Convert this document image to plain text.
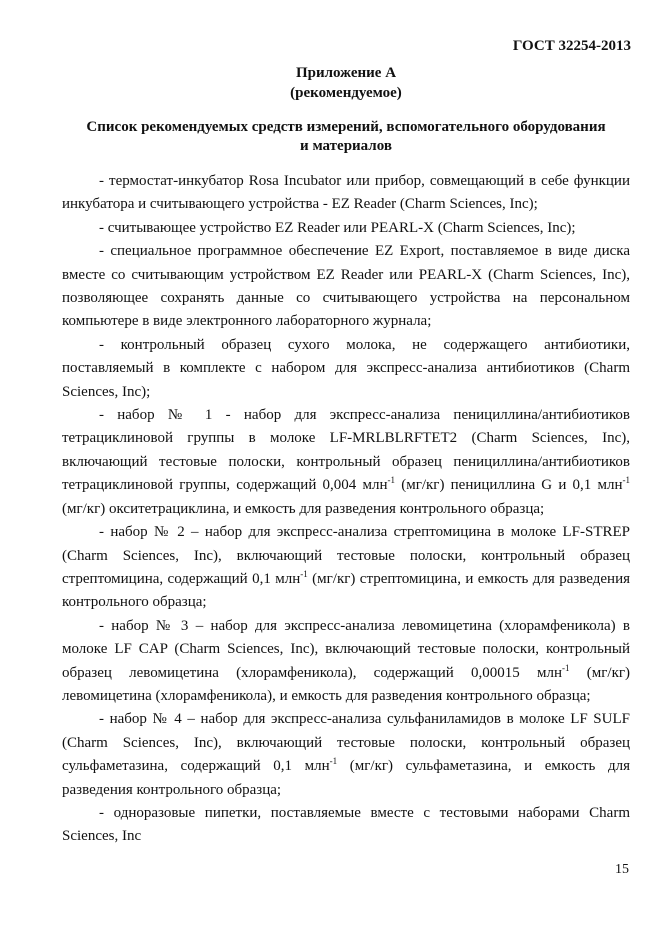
ГОСТ 32254-2013
Приложение А
(рекомендуемое)
Список рекомендуемых средств измерений, вспомогательного оборудования
и материалов

- термостат-инкубатор Rosa Incubator или прибор, совмещающий в себе функции инкубатора и считывающего устройства - EZ Reader (Charm Sciences, Inc);

- считывающее устройство EZ Reader или PEARL-X (Charm Sciences, Inc);

- специальное программное обеспечение EZ Export, поставляемое в виде диска вместе со считывающим устройством EZ Reader или PEARL-X (Charm Sciences, Inc), позволяющее сохранять данные со считывающего устройства на персональном компьютере в виде электронного лабораторного журнала;

- контрольный образец сухого молока, не содержащего антибиотики, поставляемый в комплекте с набором для экспресс-анализа антибиотиков (Charm Sciences, Inc);

- набор № 1 - набор для экспресс-анализа пенициллина/антибиотиков тетрациклиновой группы в молоке LF-MRLBLRFTET2 (Charm Sciences, Inc), включающий тестовые полоски, контрольный образец пенициллина/антибиотиков тетрациклиновой группы, содержащий 0,004 млн$^{-1}$ (мг/кг) пенициллина G и 0,1 млн$^{-1}$ (мг/кг) окситетрациклина, и емкость для разведения контрольного образца;

- набор № 2 – набор для экспресс-анализа стрептомицина в молоке LF-STREP (Charm Sciences, Inc), включающий тестовые полоски, контрольный образец стрептомицина, содержащий 0,1 млн$^{-1}$ (мг/кг) стрептомицина, и емкость для разведения контрольного образца;

- набор № 3 – набор для экспресс-анализа левомицетина (хлорамфеникола) в молоке LF CAP (Charm Sciences, Inc), включающий тестовые полоски, контрольный образец левомицетина (хлорамфеникола), содержащий 0,00015 млн$^{-1}$ (мг/кг) левомицетина (хлорамфеникола), и емкость для разведения контрольного образца;

- набор № 4 – набор для экспресс-анализа сульфаниламидов в молоке LF SULF (Charm Sciences, Inc), включающий тестовые полоски, контрольный образец сульфаметазина, содержащий 0,1 млн$^{-1}$ (мг/кг) сульфаметазина, и емкость для разведения контрольного образца;

- одноразовые пипетки, поставляемые вместе с тестовыми наборами Charm Sciences, Inc

15
